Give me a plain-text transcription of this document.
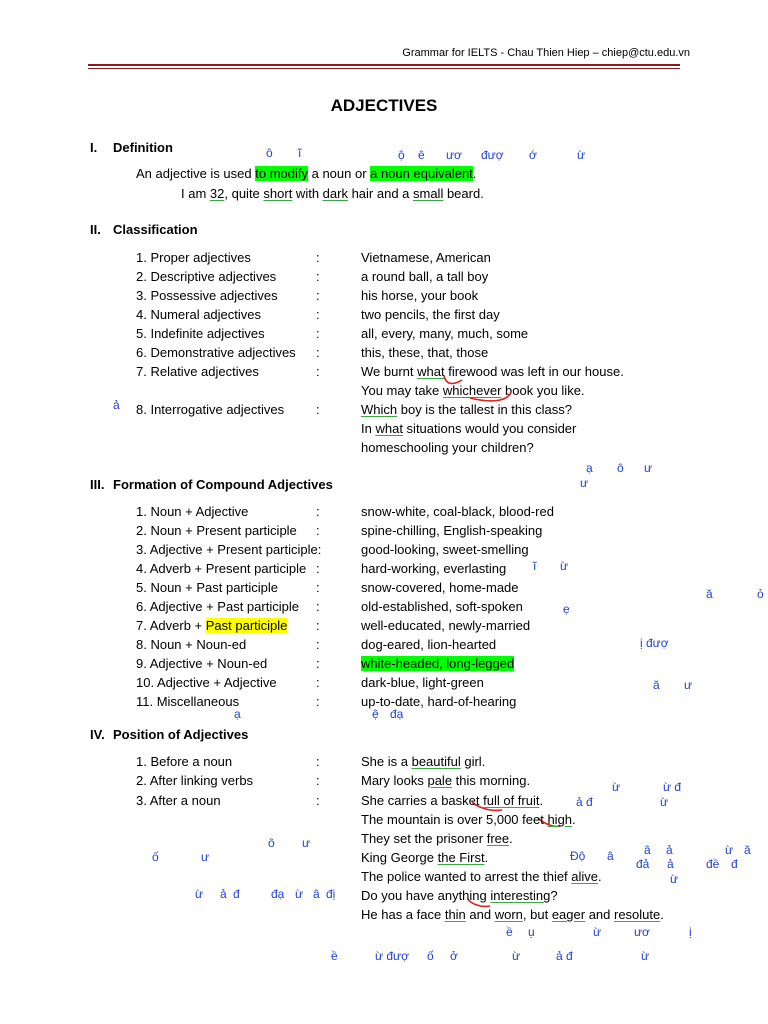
Grammar for IELTS - Chau Thien Hiep – chiep@ctu.edu.vn
ADJECTIVES
I. Definition
An adjective is used to modify a noun or a noun equivalent.
I am 32, quite short with dark hair and a small beard.
II. Classification
1. Proper adjectives	:	Vietnamese, American
2. Descriptive adjectives	:	a round ball, a tall boy
3. Possessive adjectives	:	his horse, your book
4. Numeral adjectives	:	two pencils, the first day
5. Indefinite adjectives	:	all, every, many, much, some
6. Demonstrative adjectives :	this, these, that, those
7. Relative adjectives	:	We burnt what firewood was left in our house.
You may take whichever book you like.
8. Interrogative adjectives :	Which boy is the tallest in this class?
In what situations would you consider
homeschooling your children?
III. Formation of Compound Adjectives
1. Noun + Adjective	:	snow-white, coal-black, blood-red
2. Noun + Present participle :	spine-chilling, English-speaking
3. Adjective + Present participle:	good-looking, sweet-smelling
4. Adverb + Present participle :	hard-working, everlasting
5. Noun + Past participle	:	snow-covered, home-made
6. Adjective + Past participle :	old-established, soft-spoken
7. Adverb + Past participle :	well-educated, newly-married
8. Noun + Noun-ed	:	dog-eared, lion-hearted
9. Adjective + Noun-ed	:	white-headed, long-legged
10. Adjective + Adjective	:	dark-blue, light-green
11. Miscellaneous	:	up-to-date, hard-of-hearing
IV. Position of Adjectives
1. Before a noun	:	She is a beautiful girl.
2. After linking verbs	:	Mary looks pale this morning.
3. After a noun	:	She carries a basket full of fruit.
The mountain is over 5,000 feet high.
They set the prisoner free.
King George the First.
The police wanted to arrest the thief alive.
Do you have anything interesting?
He has a face thin and worn, but eager and resolute.
ô ĩ	ộ ê ươ đượ ớ	ừ
ả
ạ ô ư
ư
ĩ ừ
ă	ỏ
ẹ
ị đượ
ă ư
ạ	ệ đạ
ừ	ừ đ
ả đ	ừ
ô ư
ố	ư	Độ â	â ả	ừ ă
đả ả	đề đ
ừ
ừ ả đ	đạ ừ â đị
ề ụ	ừ	ươ	ị
ề	ừ đượ ố ở	ừ	ả đ	ừ
